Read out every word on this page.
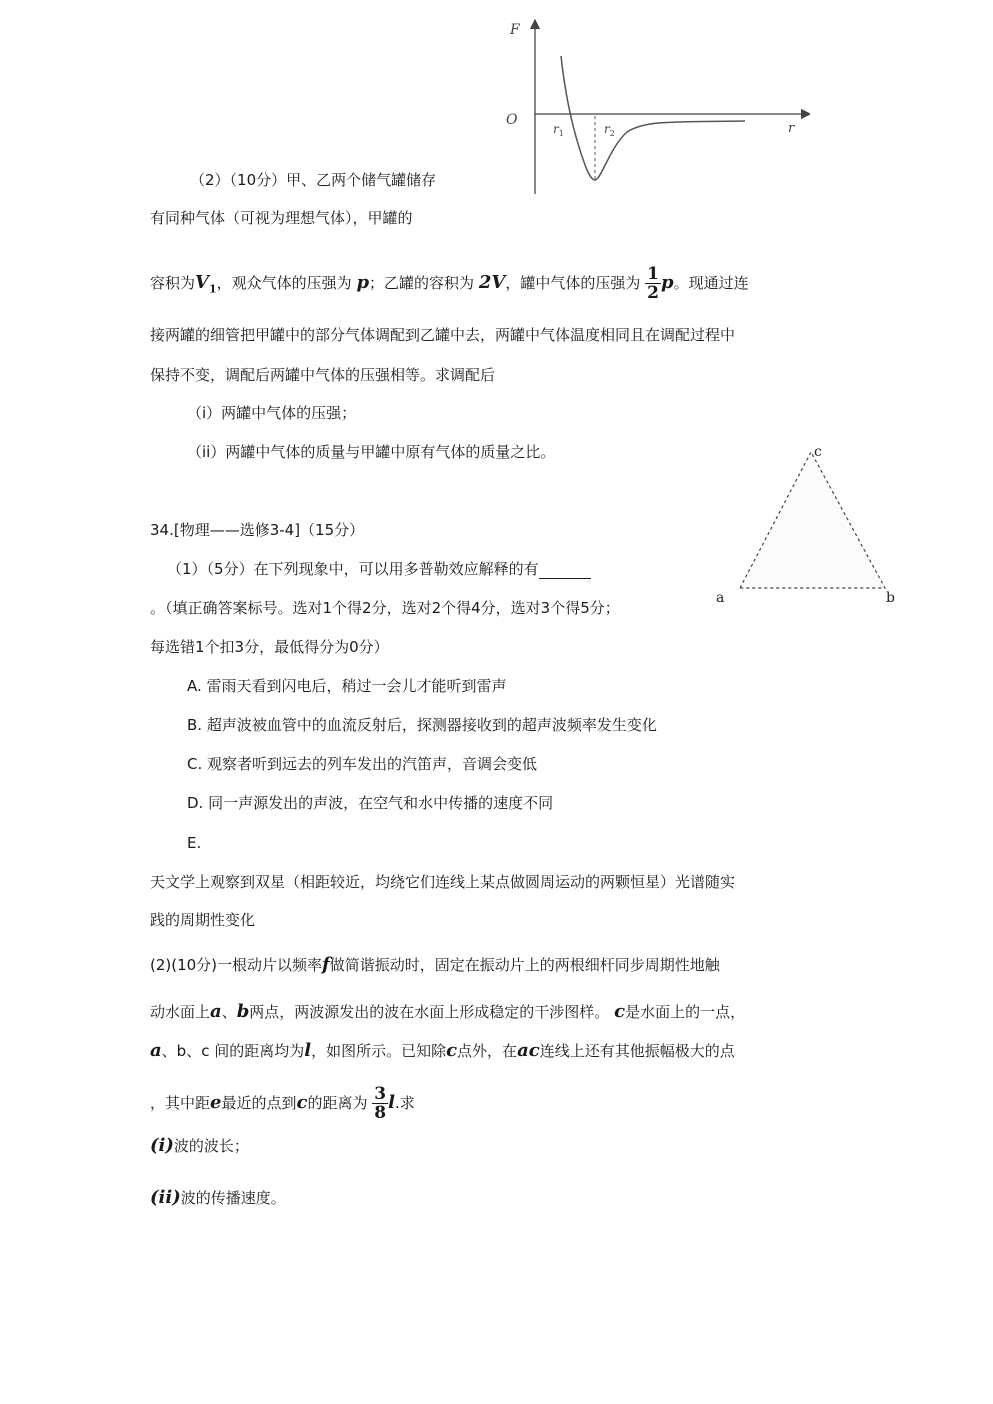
F
O
r
$r_1$	$r_2$
（2）（10分）甲、乙两个储气罐储存
有同种气体（可视为理想气体），甲罐的
容积为$V_1$，观众气体的压强为 p；乙罐的容积为 2V，罐中气体的压强为 $\frac{1}{2}$ p。现通过连
接两罐的细管把甲罐中的部分气体调配到乙罐中去，两罐中气体温度相同且在调配过程中
保持不变，调配后两罐中气体的压强相等。求调配后
（i）两罐中气体的压强；
（ii）两罐中气体的质量与甲罐中原有气体的质量之比。
a	b
c
34.[物理——选修3-4]（15分）
（1）（5分）在下列现象中，可以用多普勒效应解释的有
。（填正确答案标号。选对1个得2分，选对2个得4分，选对3个得5分；
每选错1个扣3分，最低得分为0分）
A. 雷雨天看到闪电后，稍过一会儿才能听到雷声
B. 超声波被血管中的血流反射后，探测器接收到的超声波频率发生变化
C. 观察者听到远去的列车发出的汽笛声，音调会变低
D. 同一声源发出的声波，在空气和水中传播的速度不同
E.
天文学上观察到双星（相距较近，均绕它们连线上某点做圆周运动的两颗恒星）光谱随实
践的周期性变化
(2)(10分)一根动片以频率f做简谐振动时，固定在振动片上的两根细杆同步周期性地触
动水面上a、b两点，两波源发出的波在水面上形成稳定的干涉图样。 c是水面上的一点，
a、b、c 间的距离均为l，如图所示。已知除c点外，在ac连线上还有其他振幅极大的点
，其中距e最近的点到c的距离为 $\frac{3}{8} l$.求
(i)波的波长；
(ii)波的传播速度。
